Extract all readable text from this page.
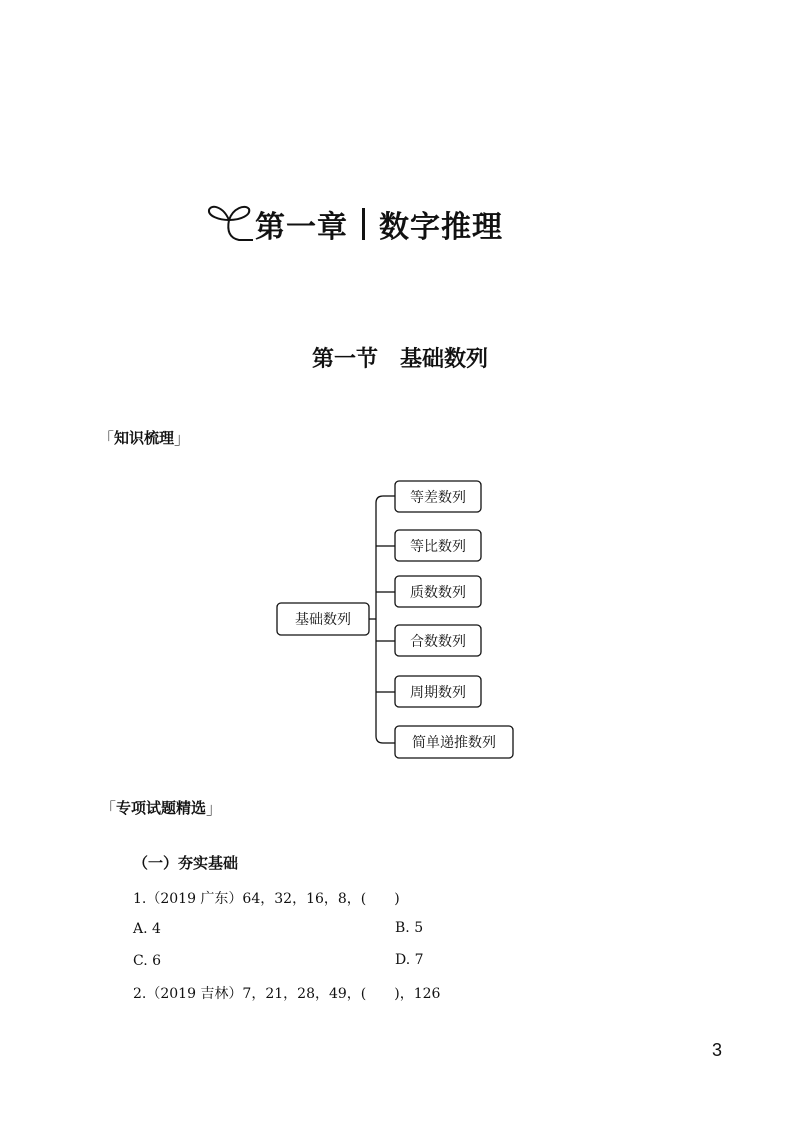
第一章 数字推理
第一节 基础数列
「 知识梳理 」
基础数列
等差数列
等比数列
质数数列
合数数列
周期数列
简单递推数列
「 专项试题精选 」
（一）夯实基础
1.（2019 广东）64，32，16，8，(　　)
A. 4	B. 5
C. 6	D. 7
2.（2019 吉林）7，21，28，49，(　　)，126
3
